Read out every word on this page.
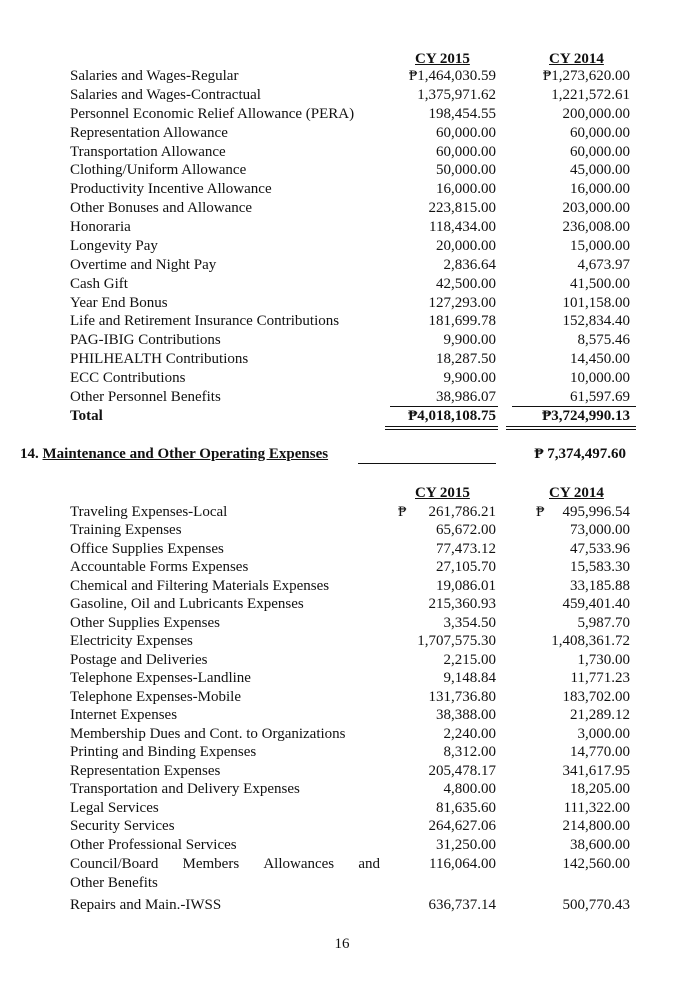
CY 2015	CY 2014
Salaries and Wages-Regular	₱1,464,030.59	₱1,273,620.00
Salaries and Wages-Contractual	1,375,971.62	1,221,572.61
Personnel Economic Relief Allowance (PERA)	198,454.55	200,000.00
Representation Allowance	60,000.00	60,000.00
Transportation Allowance	60,000.00	60,000.00
Clothing/Uniform Allowance	50,000.00	45,000.00
Productivity Incentive Allowance	16,000.00	16,000.00
Other Bonuses and Allowance	223,815.00	203,000.00
Honoraria	118,434.00	236,008.00
Longevity Pay	20,000.00	15,000.00
Overtime and Night Pay	2,836.64	4,673.97
Cash Gift	42,500.00	41,500.00
Year End Bonus	127,293.00	101,158.00
Life and Retirement Insurance Contributions	181,699.78	152,834.40
PAG-IBIG Contributions	9,900.00	8,575.46
PHILHEALTH Contributions	18,287.50	14,450.00
ECC Contributions	9,900.00	10,000.00
Other Personnel Benefits	38,986.07	61,597.69
Total	₱4,018,108.75	₱3,724,990.13
14. Maintenance and Other Operating Expenses	₱ 7,374,497.60
CY 2015	CY 2014
Traveling Expenses-Local	₱ 261,786.21	₱ 495,996.54
Training Expenses	65,672.00	73,000.00
Office Supplies Expenses	77,473.12	47,533.96
Accountable Forms Expenses	27,105.70	15,583.30
Chemical and Filtering Materials Expenses	19,086.01	33,185.88
Gasoline, Oil and Lubricants Expenses	215,360.93	459,401.40
Other Supplies Expenses	3,354.50	5,987.70
Electricity Expenses	1,707,575.30	1,408,361.72
Postage and Deliveries	2,215.00	1,730.00
Telephone Expenses-Landline	9,148.84	11,771.23
Telephone Expenses-Mobile	131,736.80	183,702.00
Internet Expenses	38,388.00	21,289.12
Membership Dues and Cont. to Organizations	2,240.00	3,000.00
Printing and Binding Expenses	8,312.00	14,770.00
Representation Expenses	205,478.17	341,617.95
Transportation and Delivery Expenses	4,800.00	18,205.00
Legal Services	81,635.60	111,322.00
Security Services	264,627.06	214,800.00
Other Professional Services	31,250.00	38,600.00
Council/Board Members Allowances and	116,064.00	142,560.00
Other Benefits
Repairs and Main.-IWSS	636,737.14	500,770.43
16
